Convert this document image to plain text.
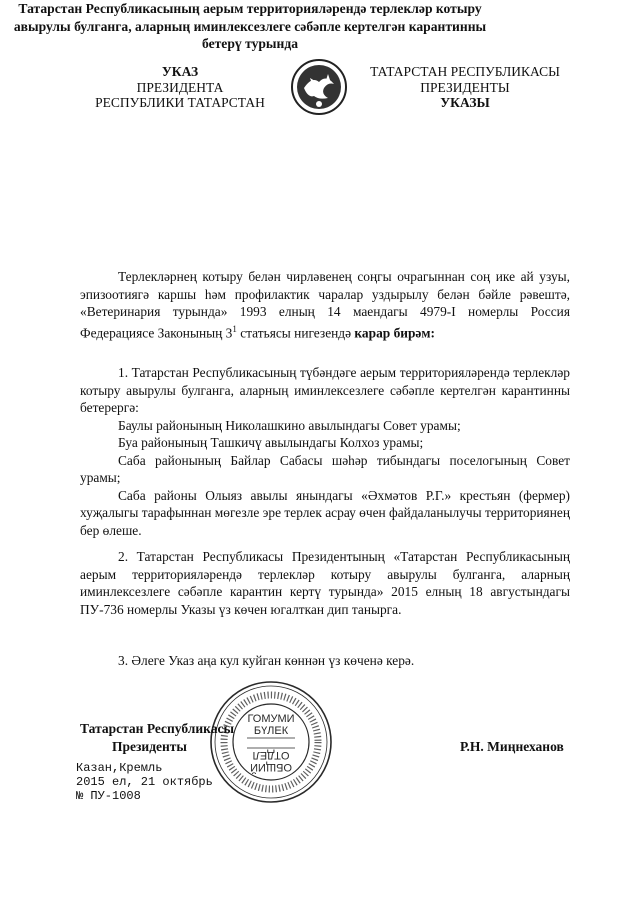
УКАЗ
ПРЕЗИДЕНТА
РЕСПУБЛИКИ ТАТАРСТАН
ТАТАРСТАН РЕСПУБЛИКАСЫ
ПРЕЗИДЕНТЫ
УКАЗЫ
Татарстан Республикасының аерым территорияләрендә терлекләр котыру авырулы булганга, аларның иминлексезлеге сәбәпле кертелгән карантинны бетерү турында

Терлекләрнең котыру белән чирләвенең соңгы очрагыннан соң ике ай узуы, эпизоотиягә каршы һәм профилактик чаралар уздырылу белән бәйле рәвештә, «Ветеринария турында» 1993 елның 14 маендагы 4979-I номерлы Россия Федерациясе Законының $3^1$ статьясы нигезендә карар бирәм:

1. Татарстан Республикасының түбәндәге аерым территорияләрендә терлекләр котыру авырулы булганга, аларның иминлексезлеге сәбәпле кертелгән карантинны бетерергә:

Баулы районының Николашкино авылындагы Совет урамы;

Буа районының Ташкичү авылындагы Колхоз урамы;

Саба районының Байлар Сабасы шәһәр тибындагы поселогының Совет урамы;

Саба районы Олыяз авылы янындагы «Әхмәтов Р.Г.» крестьян (фермер) хуҗалыгы тарафыннан мөгезле эре терлек асрау өчен файдаланылучы территориянең бер өлеше.

2. Татарстан Республикасы Президентының «Татарстан Республикасының аерым территорияләрендә терлекләр котыру авырулы булганга, аларның иминлексезлеге сәбәпле карантин кертү турында» 2015 елның 18 августындагы ПУ-736 номерлы Указы үз көчен югалткан дип танырга.

3. Әлеге Указ аңа кул куйган көннән үз көченә керә.

ГОМУМИ
БҮЛЕК
ОТДЕЛ
ОБЩИЙ
Татарстан Республикасы
Президенты	Р.Н. Миңнеханов
Казан,Кремль
2015 ел, 21 октябрь
№ ПУ-1008
